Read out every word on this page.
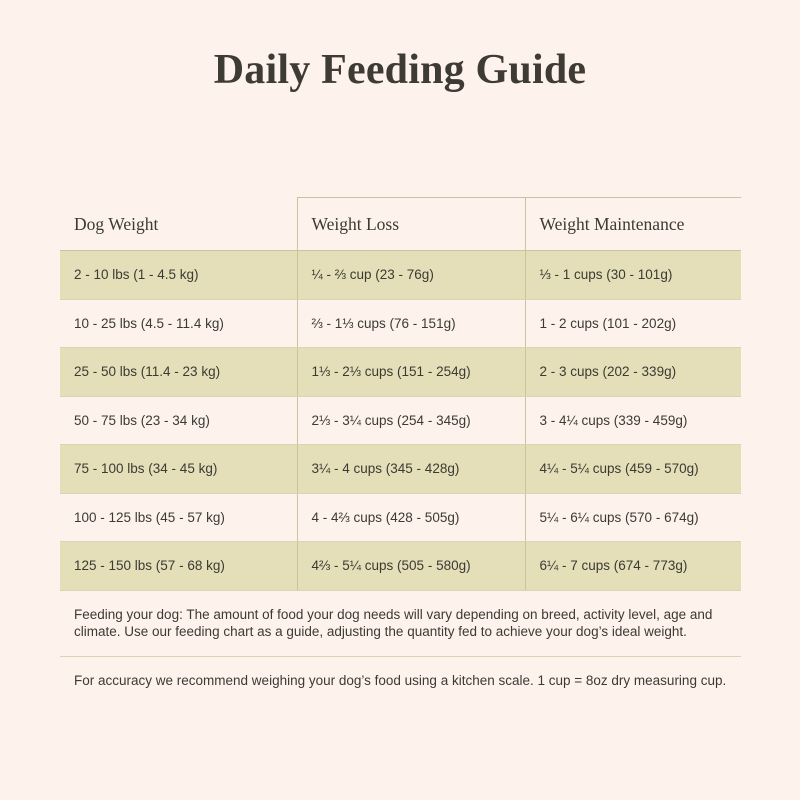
Daily Feeding Guide
Dog Weight	Weight Loss	Weight Maintenance
2 - 10 lbs (1 - 4.5 kg)	¼ - ⅔ cup (23 - 76g)	⅓ - 1 cups (30 - 101g)
10 - 25 lbs (4.5 - 11.4 kg)	⅔ - 1⅓ cups (76 - 151g)	1 - 2 cups (101 - 202g)
25 - 50 lbs (11.4 - 23 kg)	1⅓ - 2⅓ cups (151 - 254g)	2 - 3 cups (202 - 339g)
50 - 75 lbs (23 - 34 kg)	2⅓ - 3¼ cups (254 - 345g)	3 - 4¼ cups (339 - 459g)
75 - 100 lbs (34 - 45 kg)	3¼ - 4 cups (345 - 428g)	4¼ - 5¼ cups (459 - 570g)
100 - 125 lbs (45 - 57 kg)	4 - 4⅔ cups (428 - 505g)	5¼ - 6¼ cups (570 - 674g)
125 - 150 lbs (57 - 68 kg)	4⅔ - 5¼ cups (505 - 580g)	6¼ - 7 cups (674 - 773g)
Feeding your dog: The amount of food your dog needs will vary depending on breed, activity level, age and climate. Use our feeding chart as a guide, adjusting the quantity fed to achieve your dog’s ideal weight.		
For accuracy we recommend weighing your dog’s food using a kitchen scale. 1 cup = 8oz dry measuring cup.		
